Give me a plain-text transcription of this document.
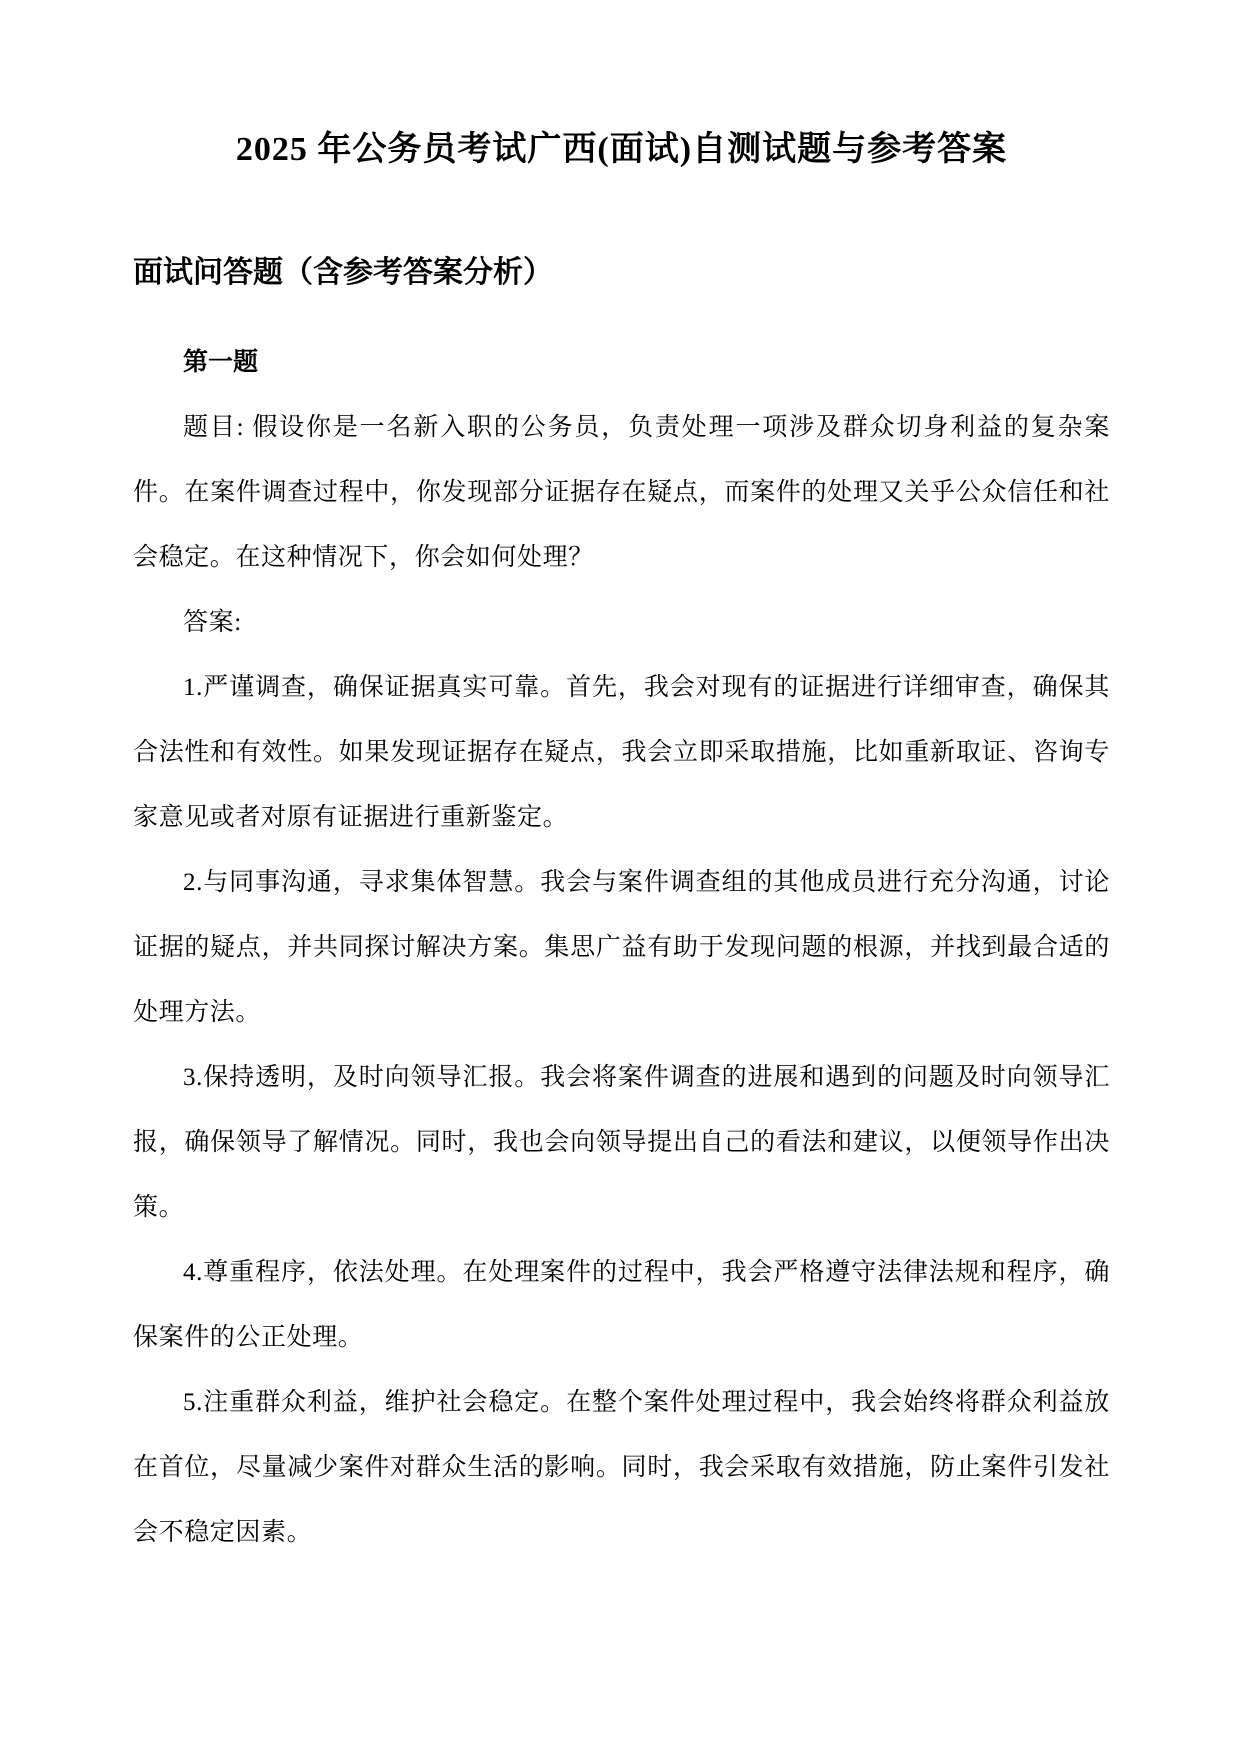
2025 年公务员考试广西(面试)自测试题与参考答案
面试问答题（含参考答案分析）
第一题

题目: 假设你是一名新入职的公务员，负责处理一项涉及群众切身利益的复杂案件。在案件调查过程中，你发现部分证据存在疑点，而案件的处理又关乎公众信任和社会稳定。在这种情况下，你会如何处理？

答案:

1.严谨调查，确保证据真实可靠。首先，我会对现有的证据进行详细审查，确保其合法性和有效性。如果发现证据存在疑点，我会立即采取措施，比如重新取证、咨询专家意见或者对原有证据进行重新鉴定。

2.与同事沟通，寻求集体智慧。我会与案件调查组的其他成员进行充分沟通，讨论证据的疑点，并共同探讨解决方案。集思广益有助于发现问题的根源，并找到最合适的处理方法。

3.保持透明，及时向领导汇报。我会将案件调查的进展和遇到的问题及时向领导汇报，确保领导了解情况。同时，我也会向领导提出自己的看法和建议，以便领导作出决策。

4.尊重程序，依法处理。在处理案件的过程中，我会严格遵守法律法规和程序，确保案件的公正处理。

5.注重群众利益，维护社会稳定。在整个案件处理过程中，我会始终将群众利益放在首位，尽量减少案件对群众生活的影响。同时，我会采取有效措施，防止案件引发社会不稳定因素。
